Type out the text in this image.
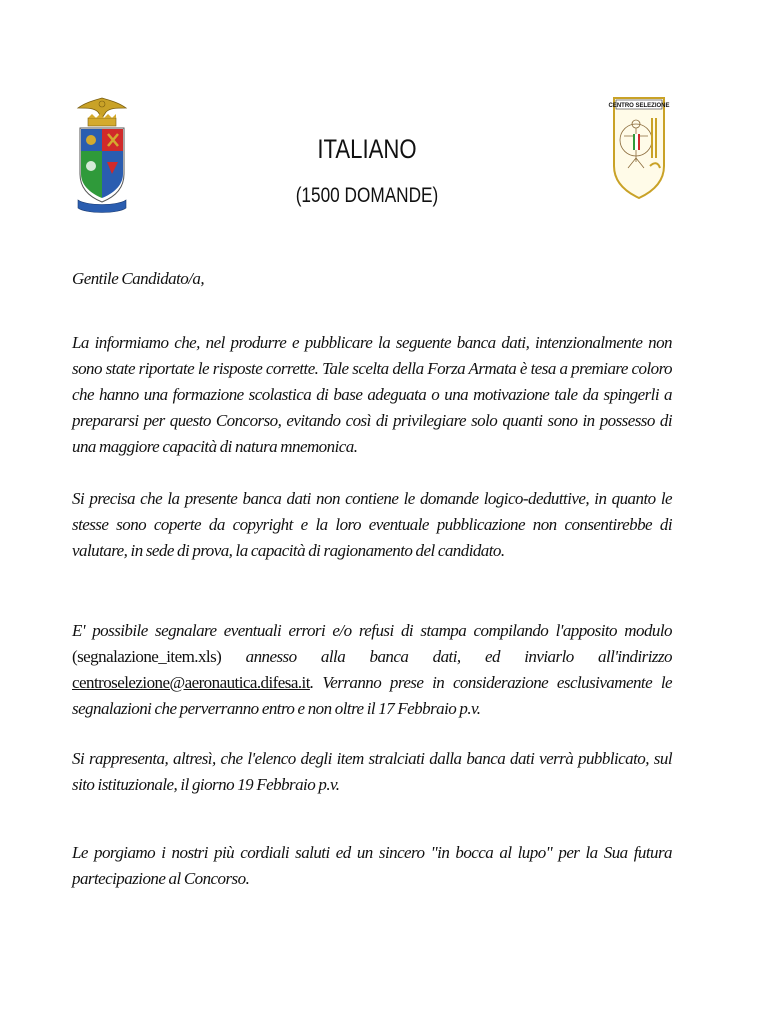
CENTRO SELEZIONE
ITALIANO
(1500 DOMANDE)

Gentile Candidato/a,

La informiamo che, nel produrre e pubblicare la seguente banca dati, intenzionalmente non sono state riportate le risposte corrette. Tale scelta della Forza Armata è tesa a premiare coloro che hanno una formazione scolastica di base adeguata o una motivazione tale da spingerli a prepararsi per questo Concorso, evitando così di privilegiare solo quanti sono in possesso di una maggiore capacità di natura mnemonica.

Si precisa che la presente banca dati non contiene le domande logico-deduttive, in quanto le stesse sono coperte da copyright e la loro eventuale pubblicazione non consentirebbe di valutare, in sede di prova, la capacità di ragionamento del candidato.

E' possibile segnalare eventuali errori e/o refusi di stampa compilando l'apposito modulo

(segnalazione_item.xls) annesso alla banca dati, ed inviarlo all'indirizzo

centroselezione@aeronautica.difesa.it. Verranno prese in considerazione esclusivamente le segnalazioni che perverranno entro e non oltre il 17 Febbraio p.v.

Si rappresenta, altresì, che l'elenco degli item stralciati dalla banca dati verrà pubblicato, sul sito istituzionale, il giorno 19 Febbraio p.v.

Le porgiamo i nostri più cordiali saluti ed un sincero "in bocca al lupo" per la Sua futura partecipazione al Concorso.
